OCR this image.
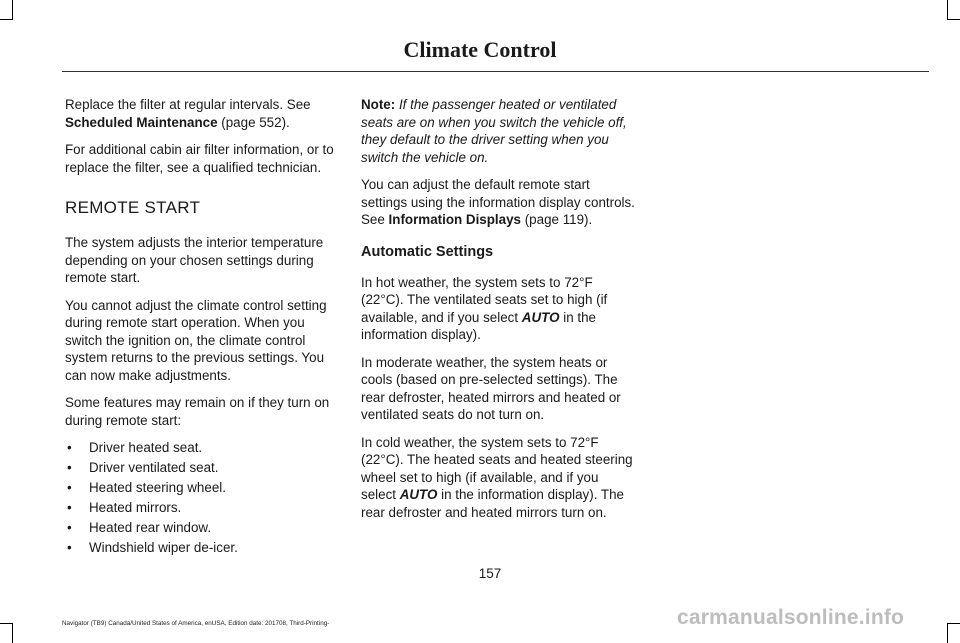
Climate Control

Replace the filter at regular intervals. See Scheduled Maintenance (page 552).

For additional cabin air filter information, or to replace the filter, see a qualified technician.

REMOTE START

The system adjusts the interior temperature depending on your chosen settings during remote start.

You cannot adjust the climate control setting during remote start operation. When you switch the ignition on, the climate control system returns to the previous settings. You can now make adjustments.

Some features may remain on if they turn on during remote start:

• Driver heated seat.
• Driver ventilated seat.
• Heated steering wheel.
• Heated mirrors.
• Heated rear window.
• Windshield wiper de-icer.

Note: If the passenger heated or ventilated seats are on when you switch the vehicle off, they default to the driver setting when you switch the vehicle on.

You can adjust the default remote start settings using the information display controls. See Information Displays (page 119).

Automatic Settings

In hot weather, the system sets to 72°F (22°C). The ventilated seats set to high (if available, and if you select AUTO in the information display).

In moderate weather, the system heats or cools (based on pre-selected settings). The rear defroster, heated mirrors and heated or ventilated seats do not turn on.

In cold weather, the system sets to 72°F (22°C). The heated seats and heated steering wheel set to high (if available, and if you select AUTO in the information display). The rear defroster and heated mirrors turn on.

157
Navigator (TB9) Canada/United States of America, enUSA, Edition date: 201708, Third-Printing-	carmanualsonline.info
